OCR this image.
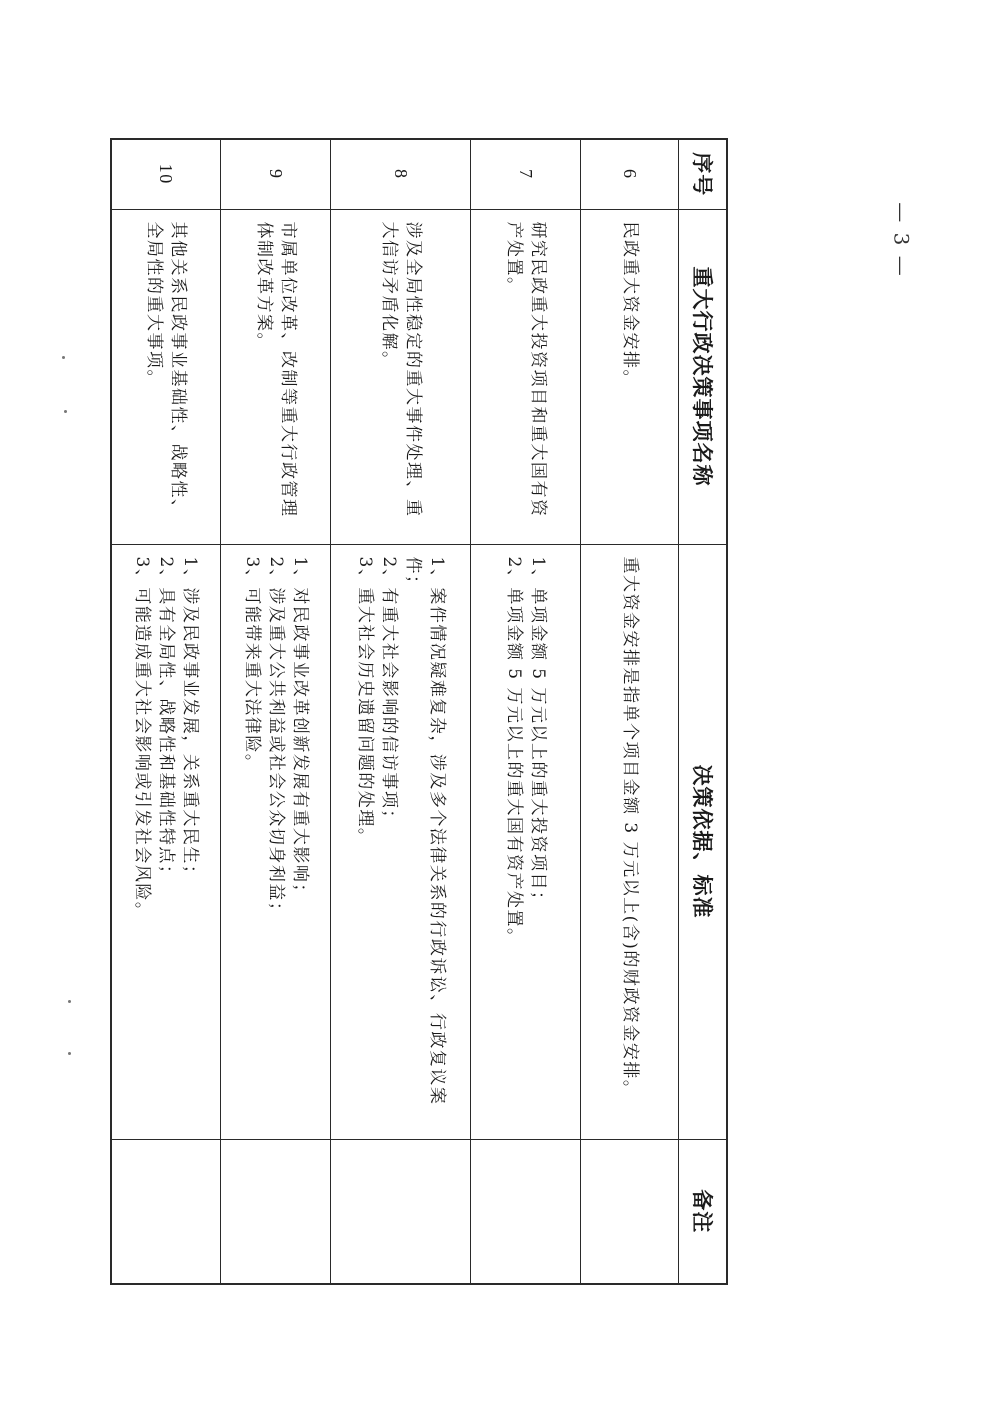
— 3 —
序号	重大行政决策事项名称	决策依据、标准	备注
6	民政重大资金安排。	重大资金安排是指单个项目金额 3 万元以上(含)的财政资金安排。	

7	研究民政重大投资项目和重大国有资产处置。	1、单项金额 5 万元以上的重大投资项目；
2、单项金额 5 万元以上的重大国有资产处置。	

8	涉及全局性稳定的重大事件处理、重大信访矛盾化解。	1、案件情况疑难复杂，涉及多个法律关系的行政诉讼、行政复议案件；
2、有重大社会影响的信访事项；
3、重大社会历史遗留问题的处理。	

9	市属单位改革、改制等重大行政管理体制改革方案。	1、对民政事业改革创新发展有重大影响；
2、涉及重大公共利益或社会公众切身利益；
3、可能带来重大法律险。	

10	其他关系民政事业基础性、战略性、全局性的重大事项。	1、涉及民政事业发展，关系重大民生；
2、具有全局性、战略性和基础性特点；
3、可能造成重大社会影响或引发社会风险。	
